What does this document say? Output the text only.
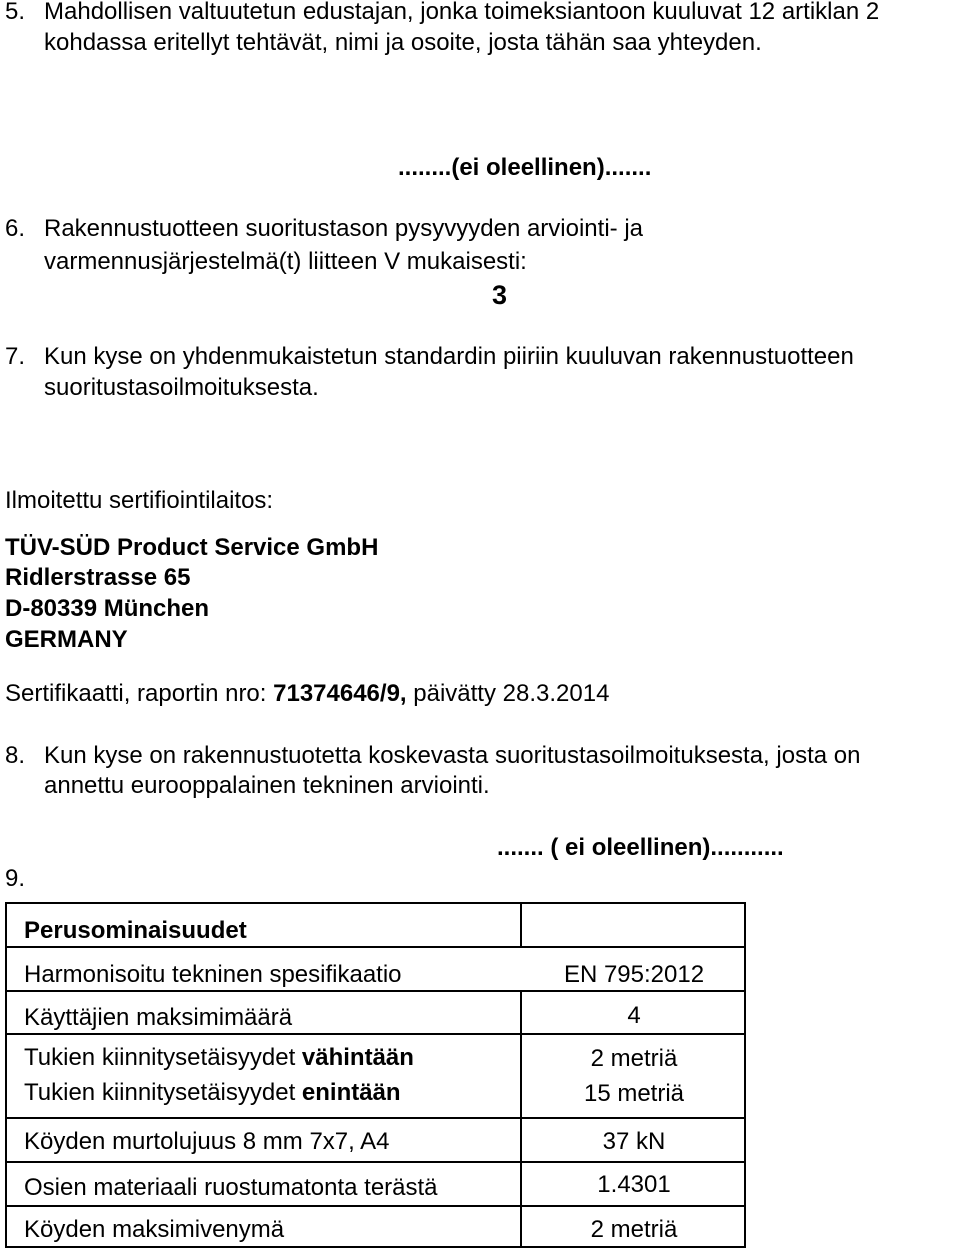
5. Mahdollisen valtuutetun edustajan, jonka toimeksiantoon kuuluvat 12 artiklan 2
kohdassa eritellyt tehtävät, nimi ja osoite, josta tähän saa yhteyden.
........(ei oleellinen).......
6. Rakennustuotteen suoritustason pysyvyyden arviointi- ja
varmennusjärjestelmä(t) liitteen V mukaisesti:
3
7. Kun kyse on yhdenmukaistetun standardin piiriin kuuluvan rakennustuotteen
suoritustasoilmoituksesta.
Ilmoitettu sertifiointilaitos:
TÜV-SÜD Product Service GmbH
Ridlerstrasse 65
D-80339 München
GERMANY
Sertifikaatti, raportin nro: 71374646/9, päivätty 28.3.2014
8. Kun kyse on rakennustuotetta koskevasta suoritustasoilmoituksesta, josta on
annettu eurooppalainen tekninen arviointi.
....... ( ei oleellinen)...........
9.
Perusominaisuudet
Harmonisoitu tekninen spesifikaatio	EN 795:2012
Käyttäjien maksimimäärä	4
Tukien kiinnitysetäisyydet vähintään	2 metriä
Tukien kiinnitysetäisyydet enintään	15 metriä
Köyden murtolujuus 8 mm 7x7, A4	37 kN
Osien materiaali ruostumatonta terästä	1.4301
Köyden maksimivenymä	2 metriä
